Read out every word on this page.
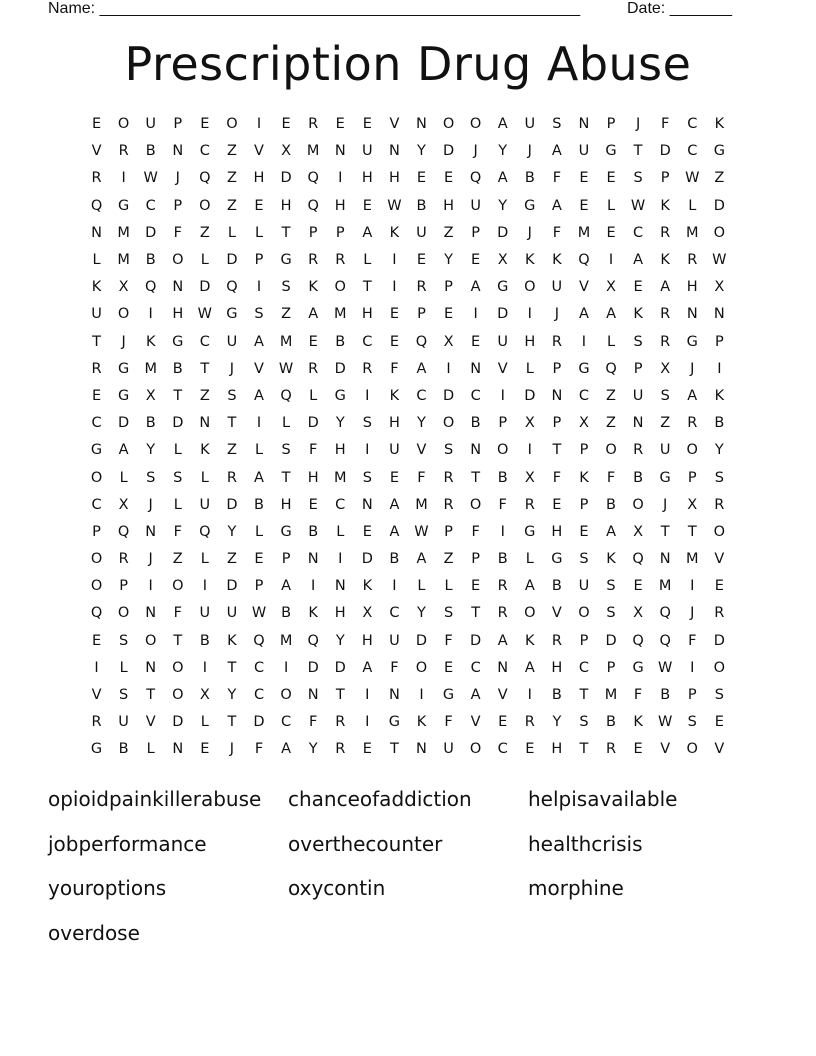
Name: ______________________________________________________	Date: _______
Prescription Drug Abuse
E	O	U	P	E	O	I	E	R	E	E	V	N	O	O	A	U	S	N	P	J	F	C	K
V	R	B	N	C	Z	V	X	M	N	U	N	Y	D	J	Y	J	A	U	G	T	D	C	G
R	I	W	J	Q	Z	H	D	Q	I	H	H	E	E	Q	A	B	F	E	E	S	P	W	Z
Q	G	C	P	O	Z	E	H	Q	H	E	W	B	H	U	Y	G	A	E	L	W	K	L	D
N	M	D	F	Z	L	L	T	P	P	A	K	U	Z	P	D	J	F	M	E	C	R	M	O
L	M	B	O	L	D	P	G	R	R	L	I	E	Y	E	X	K	K	Q	I	A	K	R	W
K	X	Q	N	D	Q	I	S	K	O	T	I	R	P	A	G	O	U	V	X	E	A	H	X
U	O	I	H W G	S	Z	A	M	H	E	P	E	I	D	I	J	A	A	K	R	N	N
T	J	K	G	C	U	A	M	E	B	C	E	Q	X	E	U	H	R	I	L	S	R	G	P
R	G	M	B	T	J	V	W	R	D	R	F	A	I	N	V	L	P	G	Q	P	X	J	I
E	G	X	T	Z	S	A	Q	L	G	I	K	C	D	C	I	D	N	C	Z	U	S	A	K
C	D	B	D	N	T	I	L	D	Y	S	H	Y	O	B	P	X	P	X	Z	N	Z	R	B
G	A	Y	L	K	Z	L	S	F	H	I	U	V	S	N	O	I	T	P	O	R	U	O	Y
O	L	S	S	L	R	A	T	H	M	S	E	F	R	T	B	X	F	K	F	B	G	P	S
C	X	J	L	U	D	B	H	E	C	N	A	M	R	O	F	R	E	P	B	O	J	X	R
P	Q	N	F	Q	Y	L	G	B	L	E	A	W	P	F	I	G	H	E	A	X	T	T	O
O	R	J	Z	L	Z	E	P	N	I	D	B	A	Z	P	B	L	G	S	K	Q	N	M	V
O	P	I	O	I	D	P	A	I	N	K	I	L	L	E	R	A	B	U	S	E	M	I	E
Q	O	N	F	U	U	W	B	K	H	X	C	Y	S	T	R	O	V	O	S	X	Q	J	R
E	S	O	T	B	K	Q	M	Q	Y	H	U	D	F	D	A	K	R	P	D	Q	Q	F	D
I	L	N	O	I	T	C	I	D	D	A	F	O	E	C	N	A	H	C	P	G W	I	O
V	S	T	O	X	Y	C	O	N	T	I	N	I	G	A	V	I	B	T	M	F	B	P	S
R	U	V	D	L	T	D	C	F	R	I	G	K	F	V	E	R	Y	S	B	K	W	S	E
G	B	L	N	E	J	F	A	Y	R	E	T	N	U	O	C	E	H	T	R	E	V	O	V
opioidpainkillerabuse	chanceofaddiction	helpisavailable
jobperformance	overthecounter	healthcrisis
youroptions	oxycontin	morphine
overdose
